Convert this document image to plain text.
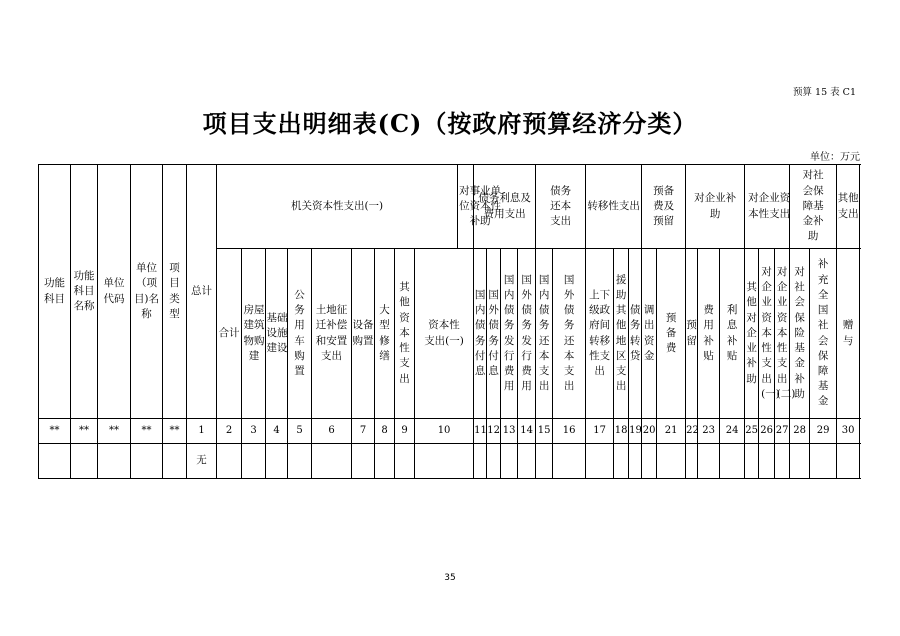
预算 15 表 C1
项目支出明细表(C)（按政府预算经济分类）
单位：万元
功能科目	功能科目名称	单位代码	单位（项目)名称	项目类型	总计	机关资本性支出(一)									对事业单位资本性补助	债务利息及费用支出				债务还本支出		转移性支出			预备费及预留		对企业补助			对企业资本性支出			对社会保障基金补助		其他支出	

						合计	房屋建筑物购建	基础设施建设	公务用车购置	土地征迁补偿和安置支出	设备购置	大型修缮	其他资本性支出	资本性支出(一)		国内债务付息	国外债务付息	国内债务发行费用	国外债务发行费用	国内债务还本支出	国外债务还本支出	上下级政府间转移性支出	援助其他地区支出	债务转贷	调出资金	预备费	预留	费用补贴	利息补贴	其他对企业补助	对企业资本性支出(一)	对企业资本性支出(二)	对社会保险基金补助	补充全国社会保障基金	赠与

**	**	**	**	**	1	2	3	4	5	6	7	8	9	10		11	12	13	14	15	16	17	18	19	20	21	22	23	24	25	26	27	28	29	30			
					无																																
35
